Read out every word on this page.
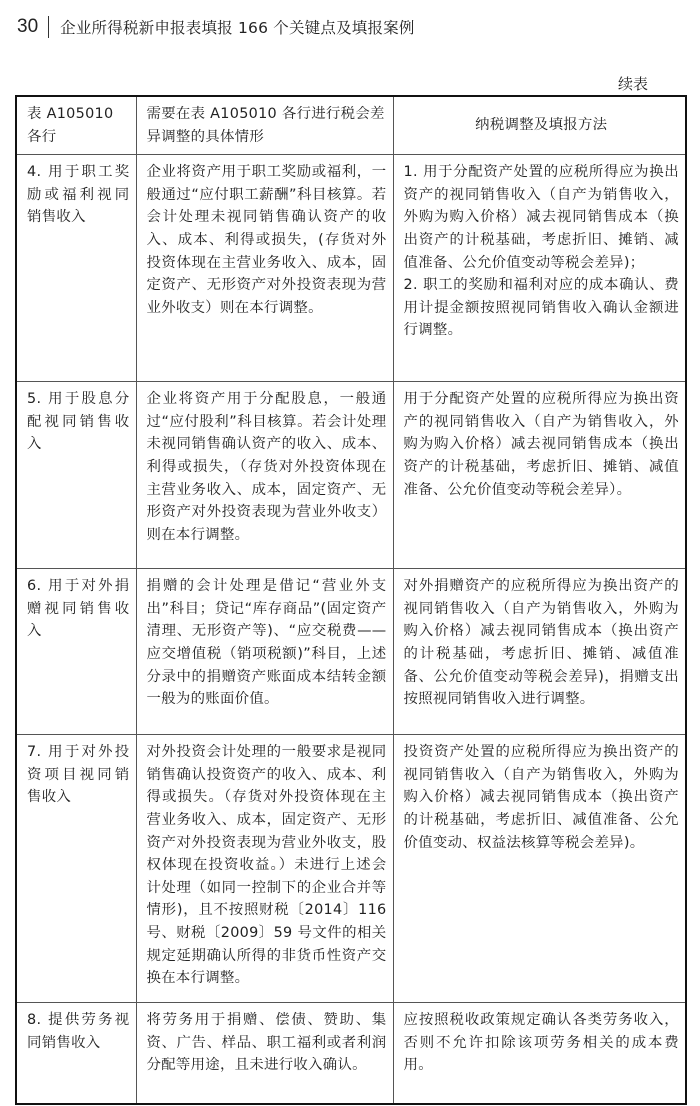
30 企业所得税新申报表填报 166 个关键点及填报案例
续表
表 A105010 各行	需要在表 A105010 各行进行税会差异调整的具体情形	纳税调整及填报方法
4. 用于职工奖励或福利视同销售收入	企业将资产用于职工奖励或福利，一般通过“应付职工薪酬”科目核算。若会计处理未视同销售确认资产的收入、成本、利得或损失，(存货对外投资体现在主营业务收入、成本，固定资产、无形资产对外投资表现为营业外收支）则在本行调整。	1. 用于分配资产处置的应税所得应为换出资产的视同销售收入（自产为销售收入，外购为购入价格）减去视同销售成本（换出资产的计税基础，考虑折旧、摊销、减值准备、公允价值变动等税会差异)；
2. 职工的奖励和福利对应的成本确认、费用计提金额按照视同销售收入确认金额进行调整。

5. 用于股息分配视同销售收入	企业将资产用于分配股息，一般通过“应付股利”科目核算。若会计处理未视同销售确认资产的收入、成本、利得或损失，（存货对外投资体现在主营业务收入、成本，固定资产、无形资产对外投资表现为营业外收支）则在本行调整。	用于分配资产处置的应税所得应为换出资产的视同销售收入（自产为销售收入，外购为购入价格）减去视同销售成本（换出资产的计税基础，考虑折旧、摊销、减值准备、公允价值变动等税会差异）。
6. 用于对外捐赠视同销售收入	捐赠的会计处理是借记“营业外支出”科目；贷记“库存商品”(固定资产清理、无形资产等)、“应交税费——应交增值税（销项税额)”科目，上述分录中的捐赠资产账面成本结转金额一般为的账面价值。	对外捐赠资产的应税所得应为换出资产的视同销售收入（自产为销售收入，外购为购入价格）减去视同销售成本（换出资产的计税基础，考虑折旧、摊销、减值准备、公允价值变动等税会差异)，捐赠支出按照视同销售收入进行调整。
7. 用于对外投资项目视同销售收入	对外投资会计处理的一般要求是视同销售确认投资资产的收入、成本、利得或损失。（存货对外投资体现在主营业务收入、成本，固定资产、无形资产对外投资表现为营业外收支，股权体现在投资收益。）未进行上述会计处理（如同一控制下的企业合并等情形)，且不按照财税〔2014〕116 号、财税〔2009〕59 号文件的相关规定延期确认所得的非货币性资产交换在本行调整。	投资资产处置的应税所得应为换出资产的视同销售收入（自产为销售收入，外购为购入价格）减去视同销售成本（换出资产的计税基础，考虑折旧、减值准备、公允价值变动、权益法核算等税会差异)。
8. 提供劳务视同销售收入	将劳务用于捐赠、偿债、赞助、集资、广告、样品、职工福利或者利润分配等用途，且未进行收入确认。	应按照税收政策规定确认各类劳务收入，否则不允许扣除该项劳务相关的成本费用。
